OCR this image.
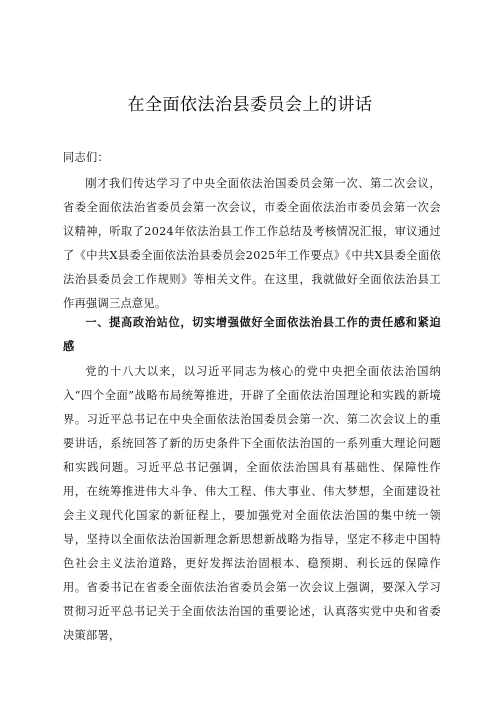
在全面依法治县委员会上的讲话
同志们：
刚才我们传达学习了中央全面依法治国委员会第一次、第二次会议，省委全面依法治省委员会第一次会议，市委全面依法治市委员会第一次会议精神，听取了2024年依法治县工作工作总结及考核情况汇报，审议通过了《中共X县委全面依法治县委员会2025年工作要点》《中共X县委全面依法治县委员会工作规则》等相关文件。在这里，我就做好全面依法治县工作再强调三点意见。
一、提高政治站位，切实增强做好全面依法治县工作的责任感和紧迫感
党的十八大以来，以习近平同志为核心的党中央把全面依法治国纳入“四个全面”战略布局统筹推进，开辟了全面依法治国理论和实践的新境界。习近平总书记在中央全面依法治国委员会第一次、第二次会议上的重要讲话，系统回答了新的历史条件下全面依法治国的一系列重大理论问题和实践问题。习近平总书记强调，全面依法治国具有基础性、保障性作用，在统筹推进伟大斗争、伟大工程、伟大事业、伟大梦想，全面建设社会主义现代化国家的新征程上，要加强党对全面依法治国的集中统一领导，坚持以全面依法治国新理念新思想新战略为指导，坚定不移走中国特色社会主义法治道路，更好发挥法治固根本、稳预期、利长远的保障作用。省委书记在省委全面依法治省委员会第一次会议上强调，要深入学习贯彻习近平总书记关于全面依法治国的重要论述，认真落实党中央和省委决策部署，
